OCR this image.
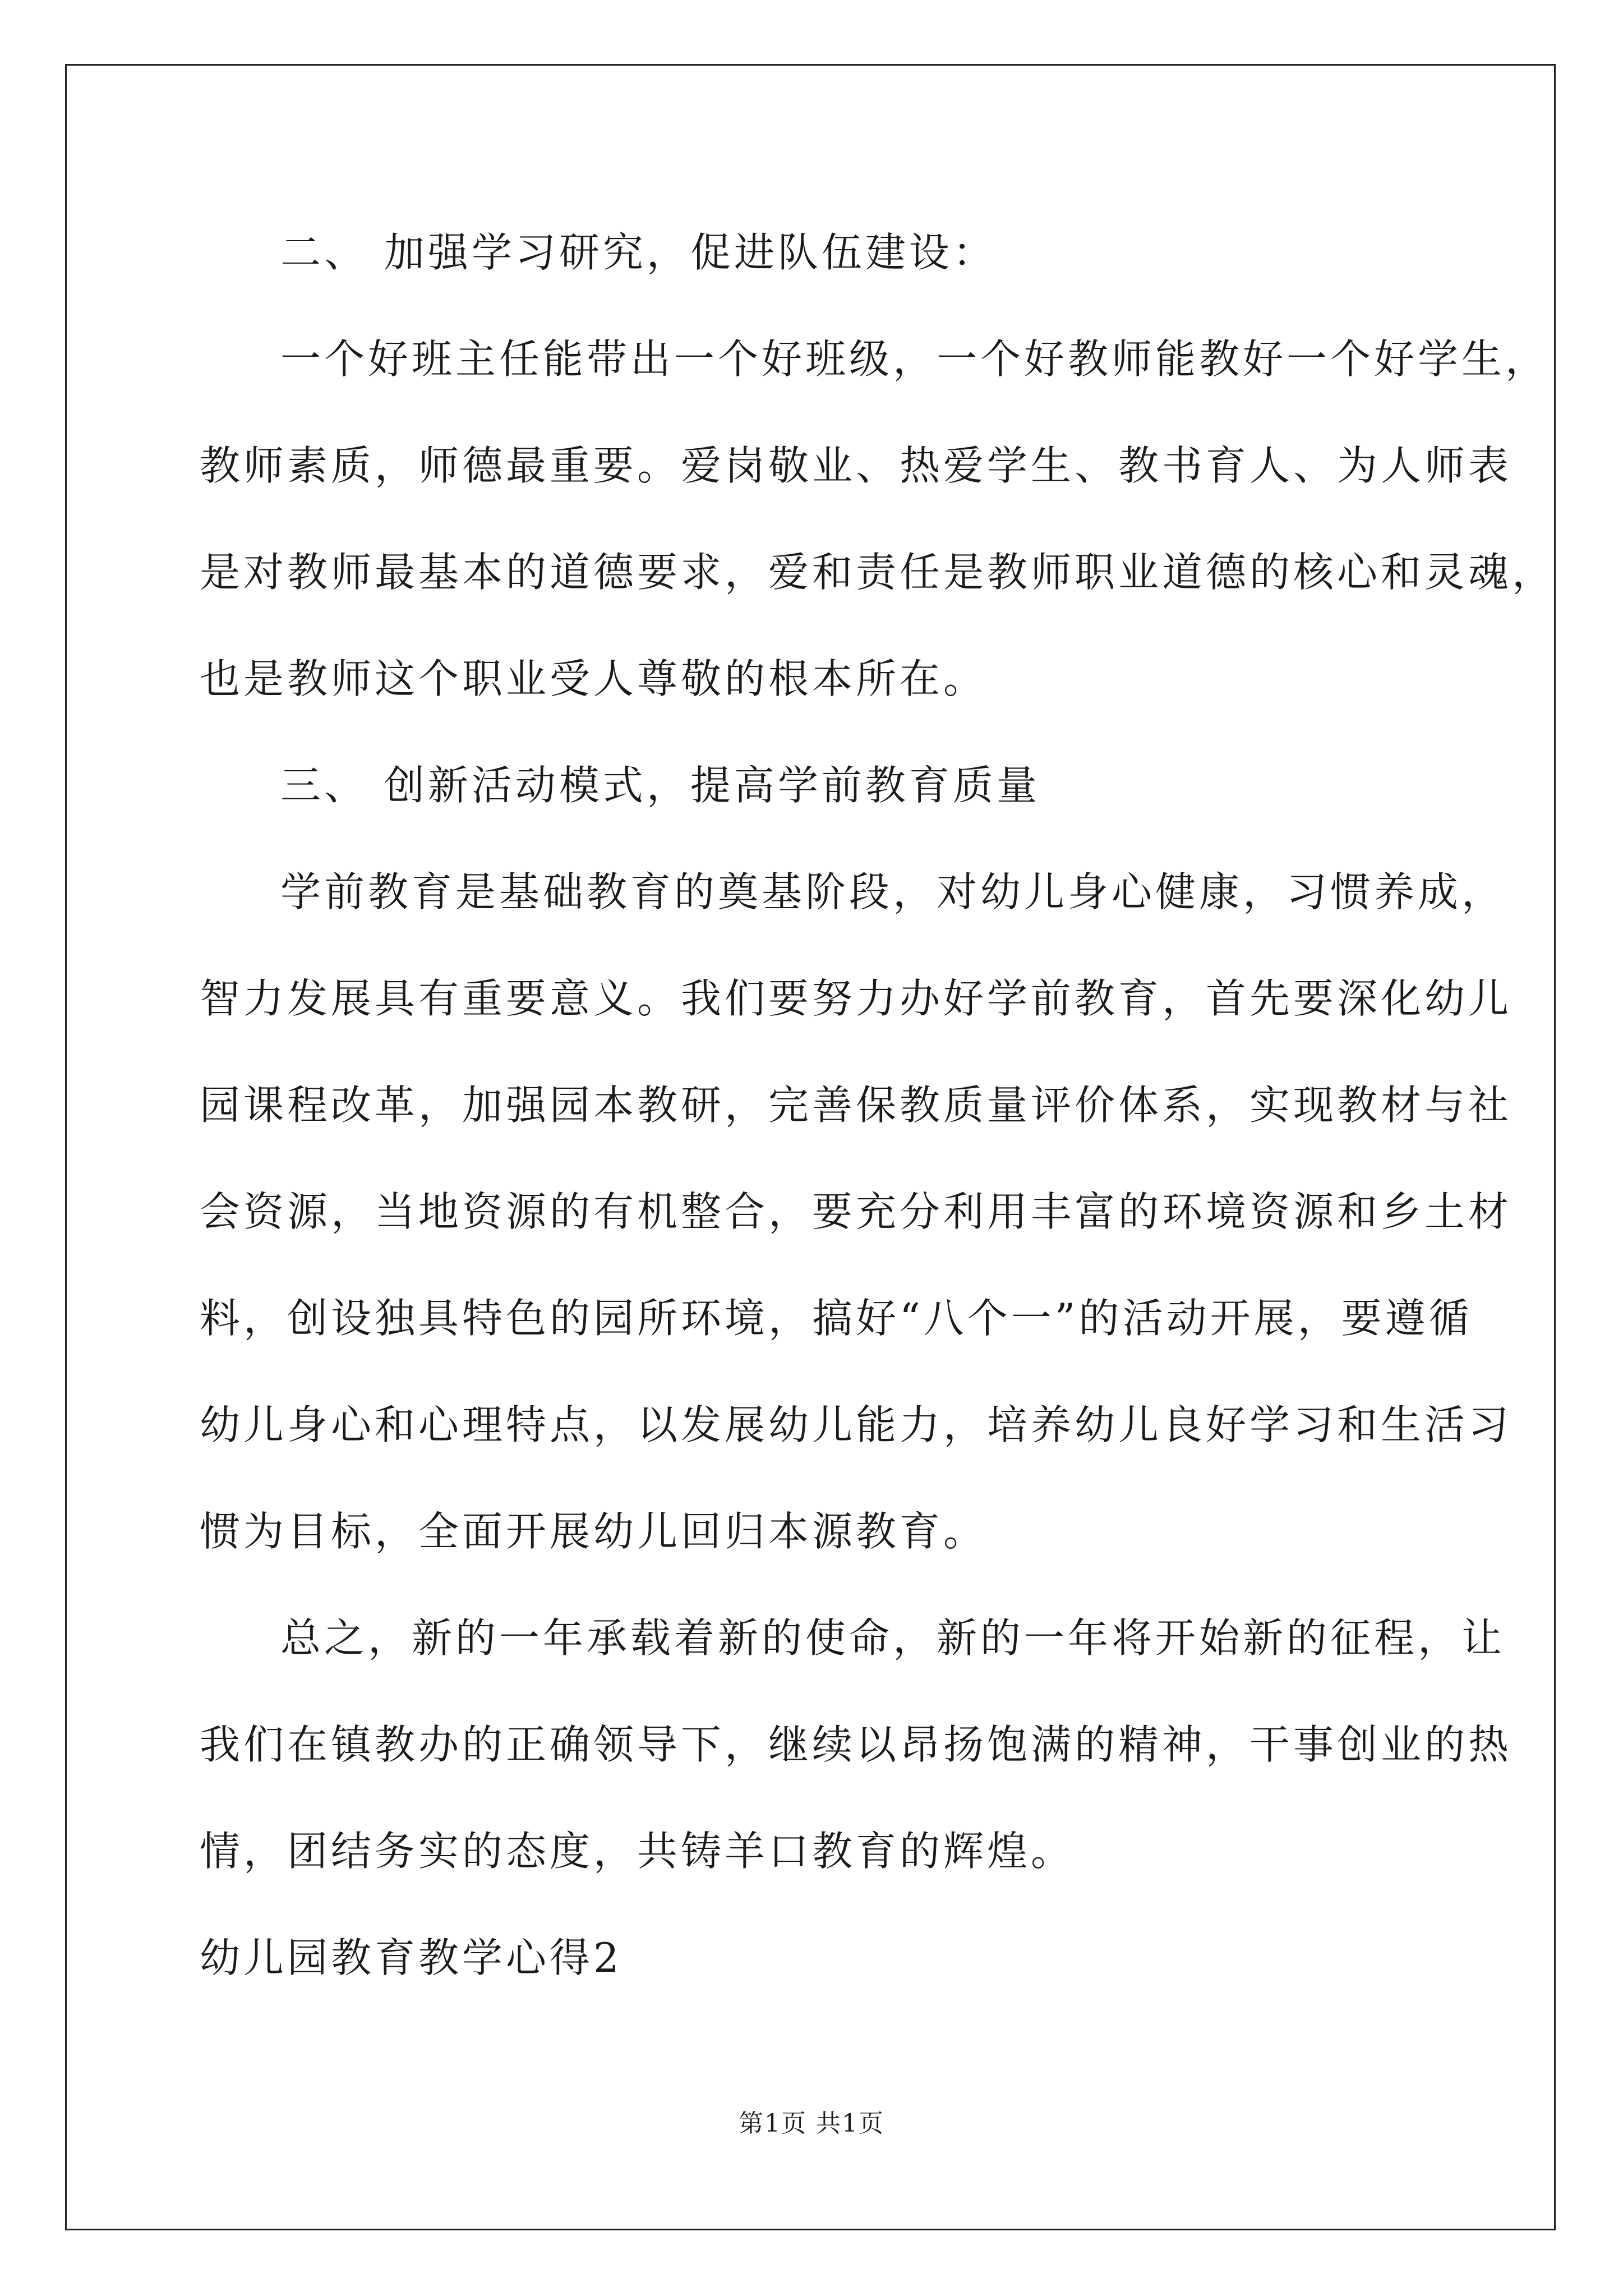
二、 加强学习研究，促进队伍建设：
一个好班主任能带出一个好班级，一个好教师能教好一个好学生，
教师素质，师德最重要。爱岗敬业、热爱学生、教书育人、为人师表
是对教师最基本的道德要求，爱和责任是教师职业道德的核心和灵魂，
也是教师这个职业受人尊敬的根本所在。
三、 创新活动模式，提高学前教育质量
学前教育是基础教育的奠基阶段，对幼儿身心健康，习惯养成，
智力发展具有重要意义。我们要努力办好学前教育，首先要深化幼儿
园课程改革，加强园本教研，完善保教质量评价体系，实现教材与社
会资源，当地资源的有机整合，要充分利用丰富的环境资源和乡土材
料，创设独具特色的园所环境，搞好“八个一”的活动开展，要遵循
幼儿身心和心理特点，以发展幼儿能力，培养幼儿良好学习和生活习
惯为目标，全面开展幼儿回归本源教育。
总之，新的一年承载着新的使命，新的一年将开始新的征程，让
我们在镇教办的正确领导下，继续以昂扬饱满的精神，干事创业的热
情，团结务实的态度，共铸羊口教育的辉煌。
幼儿园教育教学心得2
第1页 共1页
